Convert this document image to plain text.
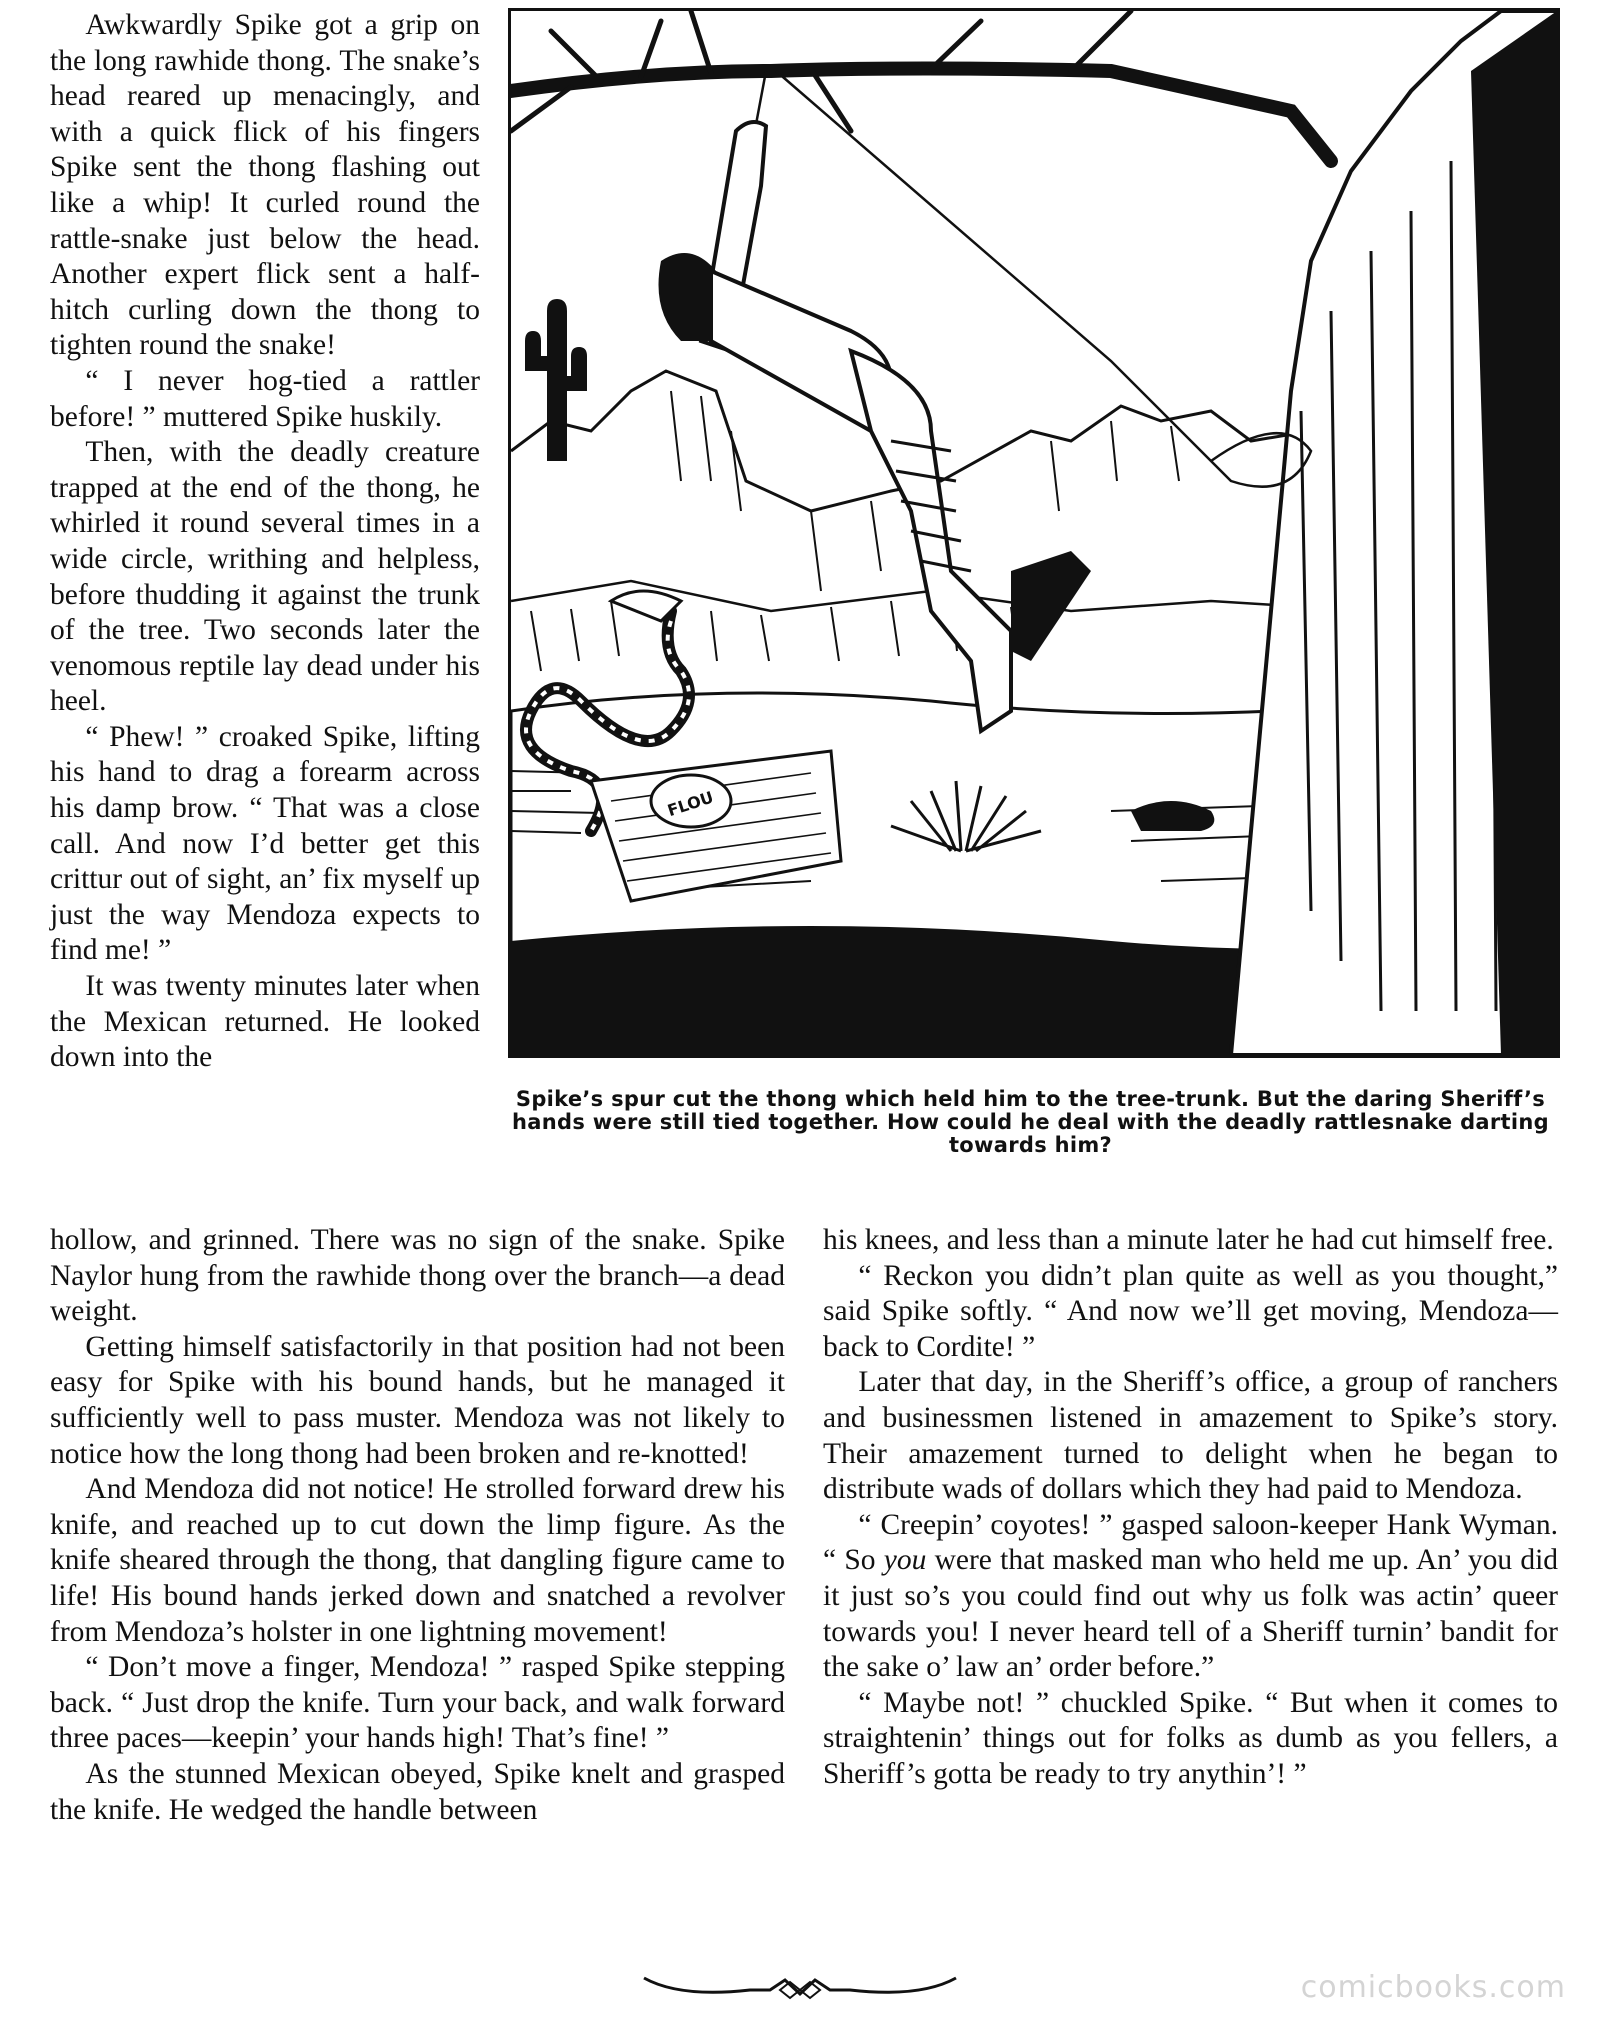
Awkwardly Spike got a grip on the long rawhide thong. The snake’s head reared up menacingly, and with a quick flick of his fingers Spike sent the thong flashing out like a whip! It curled round the rattle-snake just below the head. Another expert flick sent a half-hitch curling down the thong to tighten round the snake!

“ I never hog-tied a rattler before! ” muttered Spike huskily.

Then, with the deadly creature trapped at the end of the thong, he whirled it round several times in a wide circle, writhing and helpless, before thudding it against the trunk of the tree. Two seconds later the venomous reptile lay dead under his heel.

“ Phew! ” croaked Spike, lifting his hand to drag a forearm across his damp brow. “ That was a close call. And now I’d better get this crittur out of sight, an’ fix myself up just the way Mendoza expects to find me! ”

It was twenty minutes later when the Mexican returned. He looked down into the

FLOU
Spike’s spur cut the thong which held him to the tree-trunk. But the daring Sheriff’s hands were still tied together. How could he deal with the deadly rattlesnake darting towards him?

hollow, and grinned. There was no sign of the snake. Spike Naylor hung from the rawhide thong over the branch—a dead weight.

Getting himself satisfactorily in that position had not been easy for Spike with his bound hands, but he managed it sufficiently well to pass muster. Mendoza was not likely to notice how the long thong had been broken and re-knotted!

And Mendoza did not notice! He strolled forward drew his knife, and reached up to cut down the limp figure. As the knife sheared through the thong, that dangling figure came to life! His bound hands jerked down and snatched a revolver from Mendoza’s holster in one lightning movement!

“ Don’t move a finger, Mendoza! ” rasped Spike stepping back. “ Just drop the knife. Turn your back, and walk forward three paces—keepin’ your hands high! That’s fine! ”

As the stunned Mexican obeyed, Spike knelt and grasped the knife. He wedged the handle between

his knees, and less than a minute later he had cut himself free.

“ Reckon you didn’t plan quite as well as you thought,” said Spike softly. “ And now we’ll get moving, Mendoza—back to Cordite! ”

Later that day, in the Sheriff’s office, a group of ranchers and businessmen listened in amazement to Spike’s story. Their amazement turned to delight when he began to distribute wads of dollars which they had paid to Mendoza.

“ Creepin’ coyotes! ” gasped saloon-keeper Hank Wyman. “ So you were that masked man who held me up. An’ you did it just so’s you could find out why us folk was actin’ queer towards you! I never heard tell of a Sheriff turnin’ bandit for the sake o’ law an’ order before.”

“ Maybe not! ” chuckled Spike. “ But when it comes to straightenin’ things out for folks as dumb as you fellers, a Sheriff’s gotta be ready to try anythin’! ”

comicbooks.com
